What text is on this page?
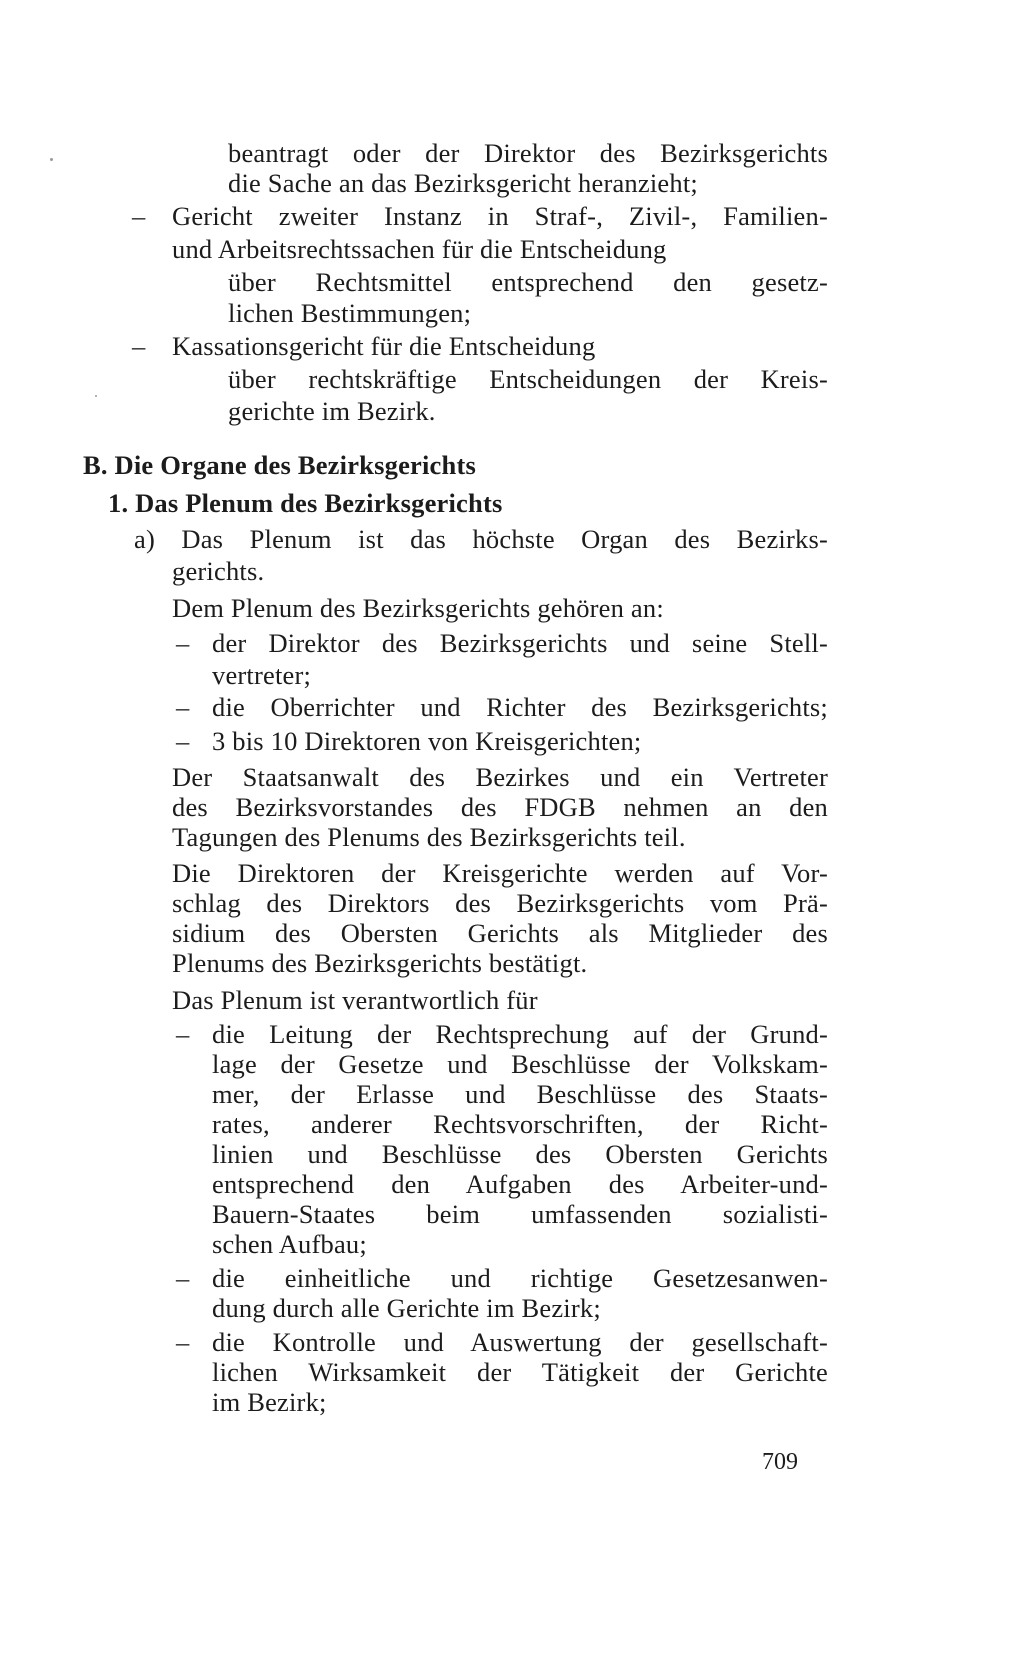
beantragt oder der Direktor des Bezirksgerichts
die Sache an das Bezirksgericht heranzieht;
– Gericht zweiter Instanz in Straf-, Zivil-, Familien-
und Arbeitsrechtssachen für die Entscheidung
über Rechtsmittel entsprechend den gesetz-
lichen Bestimmungen;
– Kassationsgericht für die Entscheidung
über rechtskräftige Entscheidungen der Kreis-
gerichte im Bezirk.
B. Die Organe des Bezirksgerichts
1. Das Plenum des Bezirksgerichts
a) Das Plenum ist das höchste Organ des Bezirks-
gerichts.
Dem Plenum des Bezirksgerichts gehören an:
– der Direktor des Bezirksgerichts und seine Stell-
vertreter;
– die Oberrichter und Richter des Bezirksgerichts;
– 3 bis 10 Direktoren von Kreisgerichten;
Der Staatsanwalt des Bezirkes und ein Vertreter
des Bezirksvorstandes des FDGB nehmen an den
Tagungen des Plenums des Bezirksgerichts teil.
Die Direktoren der Kreisgerichte werden auf Vor-
schlag des Direktors des Bezirksgerichts vom Prä-
sidium des Obersten Gerichts als Mitglieder des
Plenums des Bezirksgerichts bestätigt.
Das Plenum ist verantwortlich für
– die Leitung der Rechtsprechung auf der Grund-
lage der Gesetze und Beschlüsse der Volkskam-
mer, der Erlasse und Beschlüsse des Staats-
rates, anderer Rechtsvorschriften, der Richt-
linien und Beschlüsse des Obersten Gerichts
entsprechend den Aufgaben des Arbeiter-und-
Bauern-Staates beim umfassenden sozialisti-
schen Aufbau;
– die einheitliche und richtige Gesetzesanwen-
dung durch alle Gerichte im Bezirk;
– die Kontrolle und Auswertung der gesellschaft-
lichen Wirksamkeit der Tätigkeit der Gerichte
im Bezirk;
709
